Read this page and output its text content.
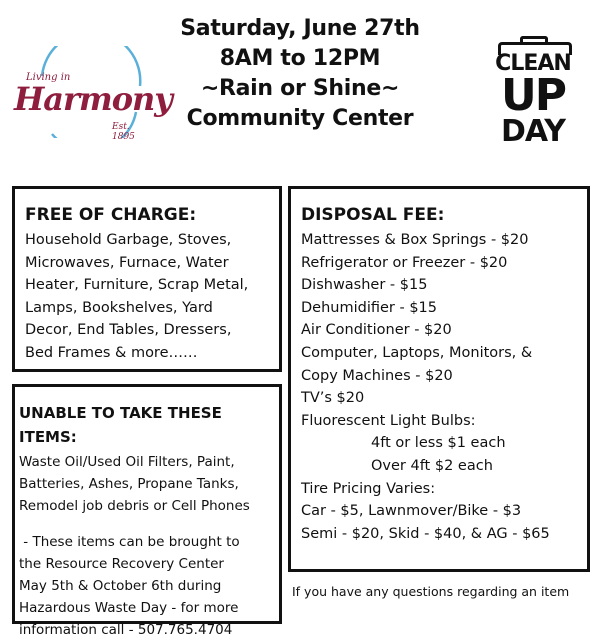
Saturday, June 27th
8AM to 12PM
~Rain or Shine~
Community Center
Living in
Harmony
Est. 1895
CLEAN
UP
DAY
FREE OF CHARGE:
Household Garbage, Stoves,
Microwaves, Furnace, Water
Heater, Furniture, Scrap Metal,
Lamps, Bookshelves, Yard
Decor, End Tables, Dressers,
Bed Frames & more……
UNABLE TO TAKE THESE ITEMS:
Waste Oil/Used Oil Filters, Paint,
Batteries, Ashes, Propane Tanks,
Remodel job debris or Cell Phones
- These items can be brought to
the Resource Recovery Center
May 5th & October 6th during
Hazardous Waste Day - for more
information call - 507.765.4704
DISPOSAL FEE:
Mattresses & Box Springs - $20
Refrigerator or Freezer - $20
Dishwasher - $15
Dehumidifier - $15
Air Conditioner - $20
Computer, Laptops, Monitors, &
Copy Machines - $20
TV’s $20
Fluorescent Light Bulbs:
4ft or less $1 each
Over 4ft $2 each
Tire Pricing Varies:
Car - $5, Lawnmover/Bike - $3
Semi - $20, Skid - $40, & AG - $65
If you have any questions regarding an item
